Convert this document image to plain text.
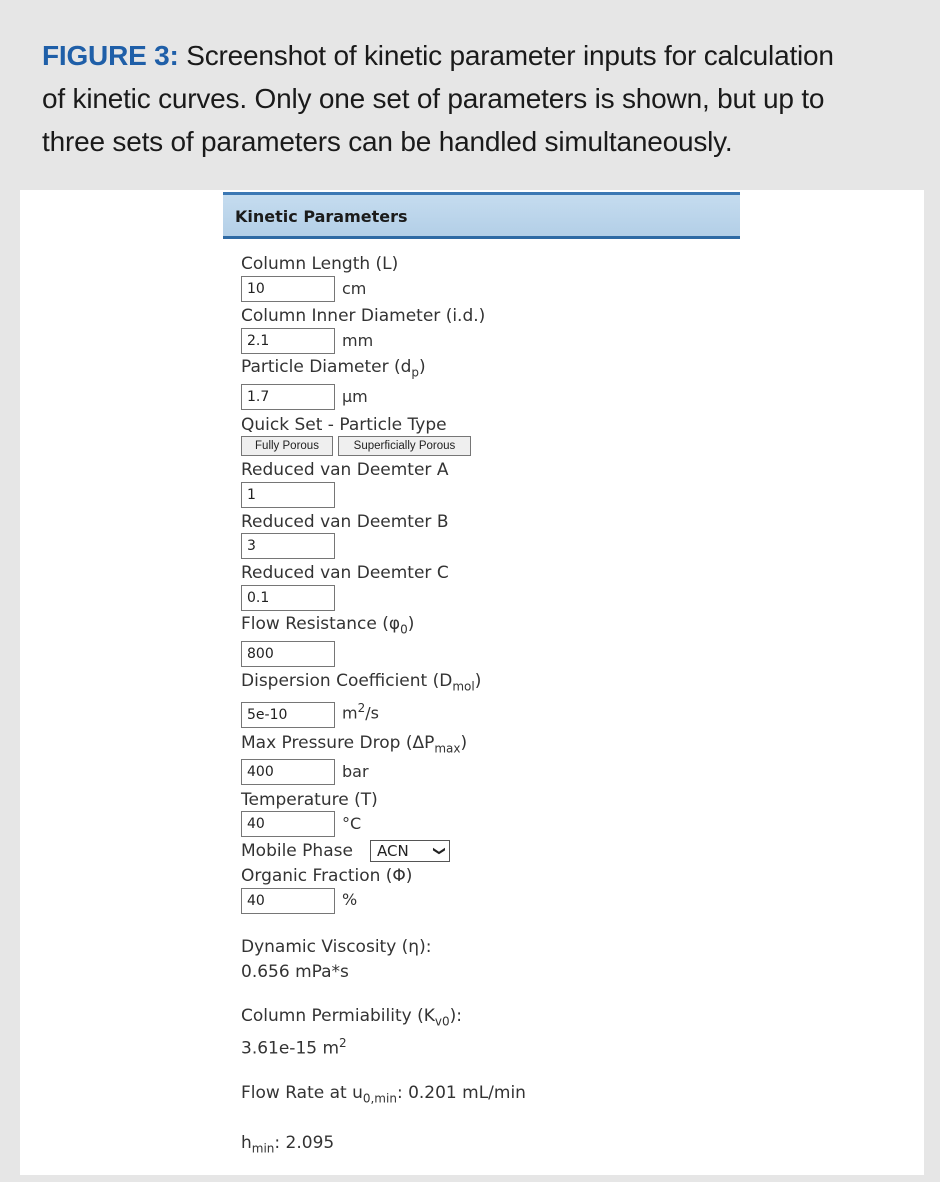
FIGURE 3: Screenshot of kinetic parameter inputs for calculation
of kinetic curves. Only one set of parameters is shown, but up to
three sets of parameters can be handled simultaneously.
Kinetic Parameters
Column Length (L)
10	cm
Column Inner Diameter (i.d.)
2.1	mm
Particle Diameter $(d_p)$
1.7	µm
Quick Set - Particle Type
Fully Porous	Superficially Porous
Reduced van Deemter A
1
Reduced van Deemter B
3
Reduced van Deemter C
0.1
Flow Resistance $(\varphi_0)$
800
Dispersion Coefficient $(D_{mol})$
5e-10	$m^2/s$
Max Pressure Drop $(\Delta P_{max})$
400	bar
Temperature (T)
40	°C
Mobile Phase	ACN ❮
Organic Fraction (Φ)
40	%
Dynamic Viscosity (η):
0.656 mPa*s
Column Permiability $(K_{v0})$:
3.61e-15 $m^2$
Flow Rate at $u_{0,min}$: 0.201 mL/min
$h_{min}$: 2.095
